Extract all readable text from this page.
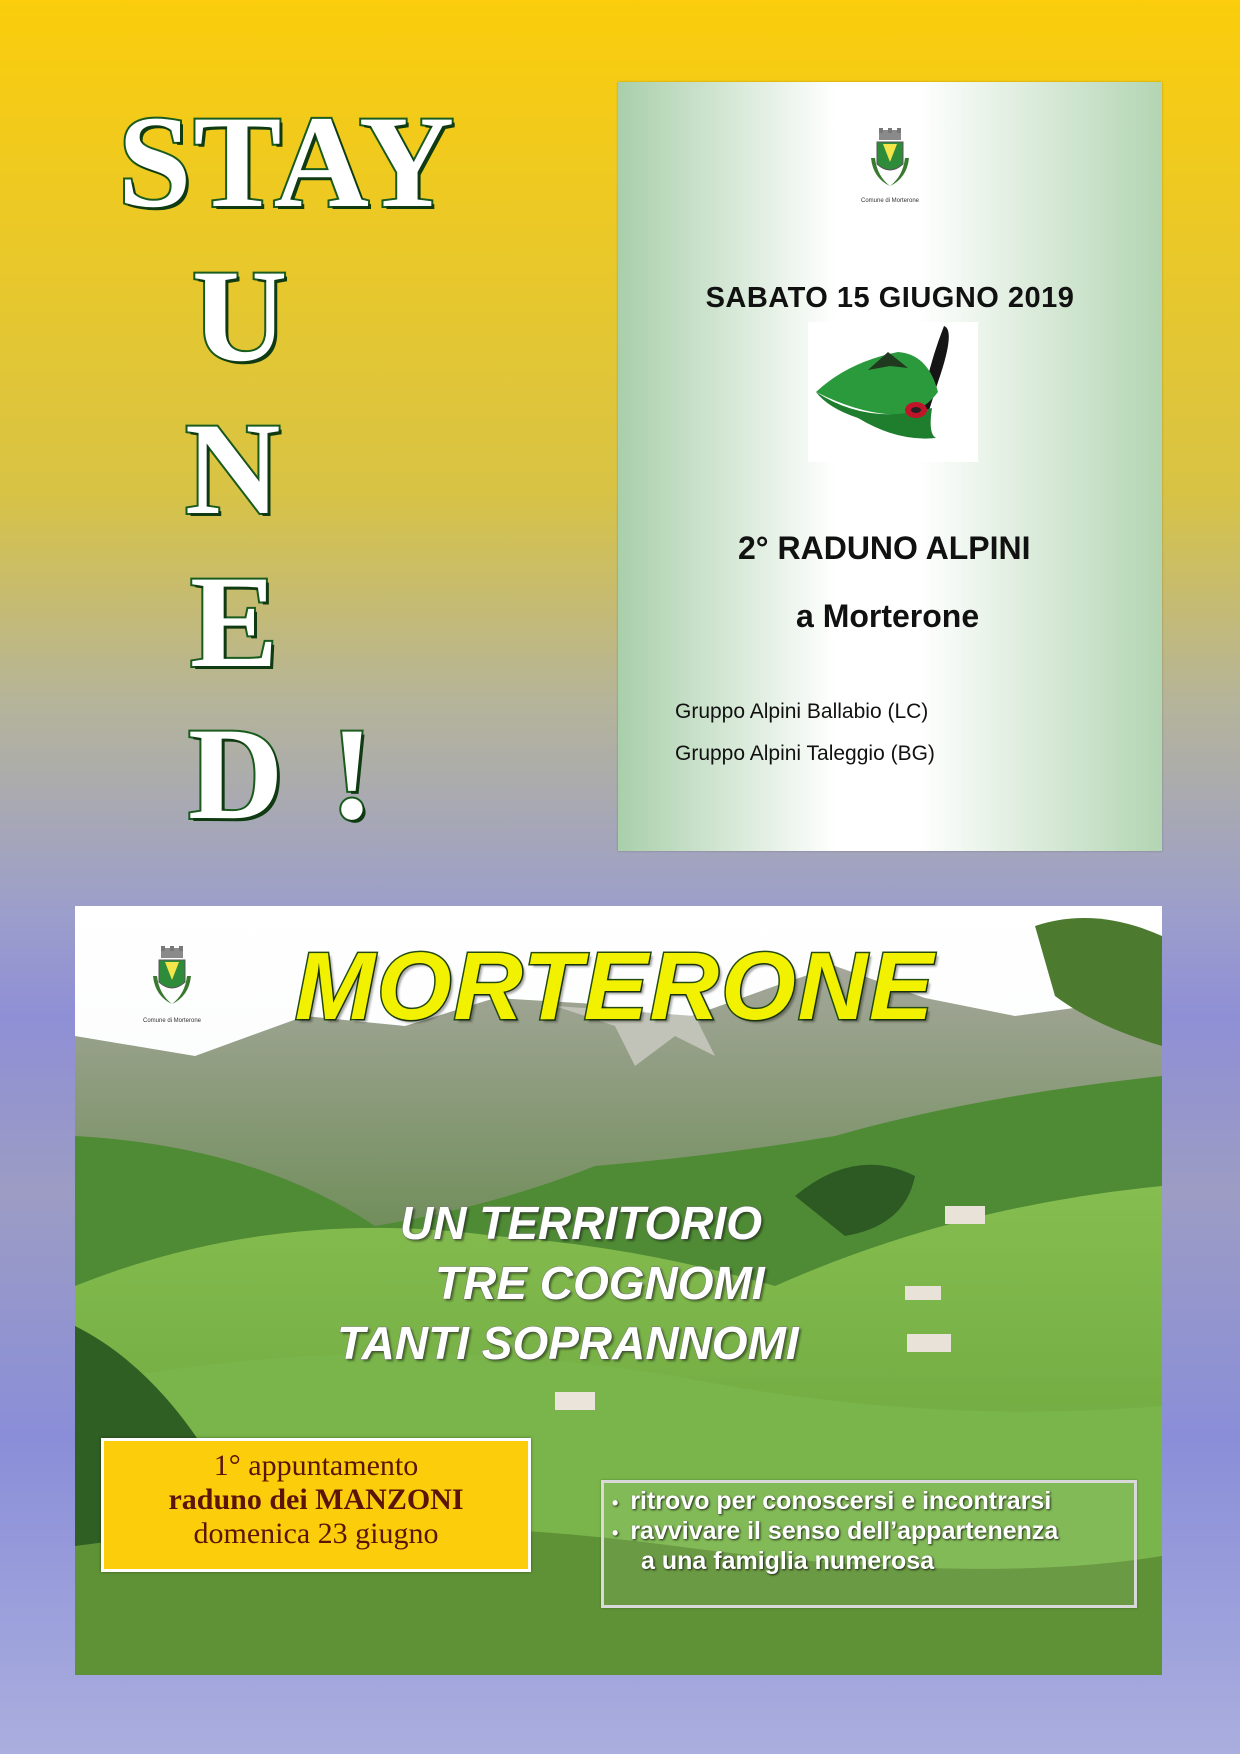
STAY
U
N
E
D !
Comune di Morterone
SABATO 15 GIUGNO 2019
2° RADUNO ALPINI
a Morterone
Gruppo Alpini Ballabio (LC)
Gruppo Alpini Taleggio (BG)
Comune di Morterone MORTERONE
UN TERRITORIO
TRE COGNOMI
TANTI SOPRANNOMI
1° appuntamento
raduno dei MANZONI
domenica 23 giugno
• ritrovo per conoscersi e incontrarsi
• ravvivare il senso dell’appartenenza
a una famiglia numerosa
